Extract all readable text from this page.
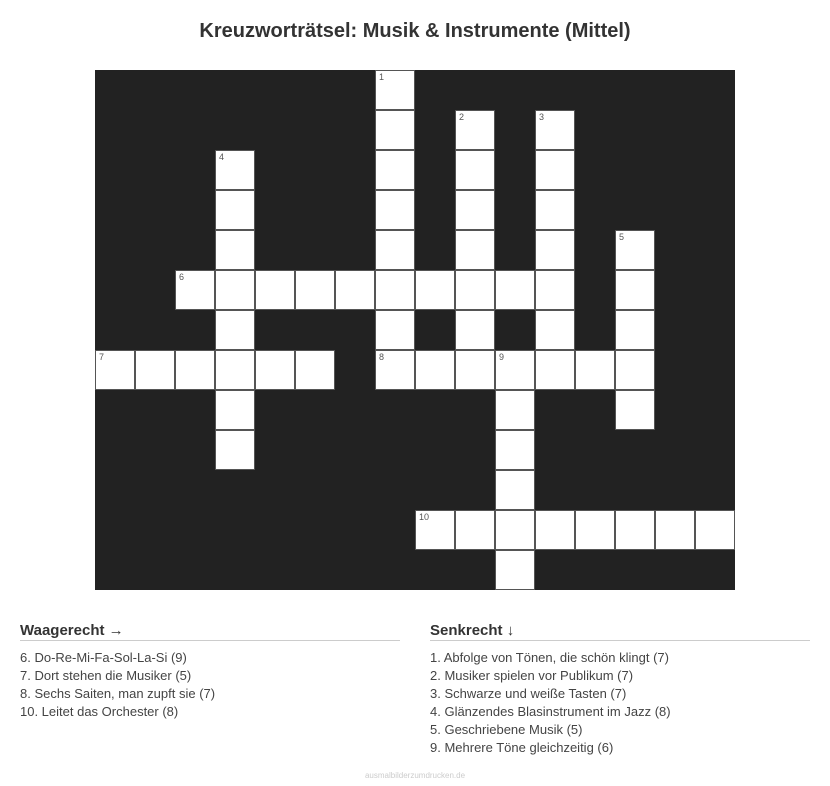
Kreuzworträtsel: Musik & Instrumente (Mittel)
1
2	3
4
5
6
7	8	9
10
Waagerecht →
6. Do-Re-Mi-Fa-Sol-La-Si (9)
7. Dort stehen die Musiker (5)
8. Sechs Saiten, man zupft sie (7)
10. Leitet das Orchester (8)
Senkrecht ↓
1. Abfolge von Tönen, die schön klingt (7)
2. Musiker spielen vor Publikum (7)
3. Schwarze und weiße Tasten (7)
4. Glänzendes Blasinstrument im Jazz (8)
5. Geschriebene Musik (5)
9. Mehrere Töne gleichzeitig (6)
ausmalbilderzumdrucken.de
